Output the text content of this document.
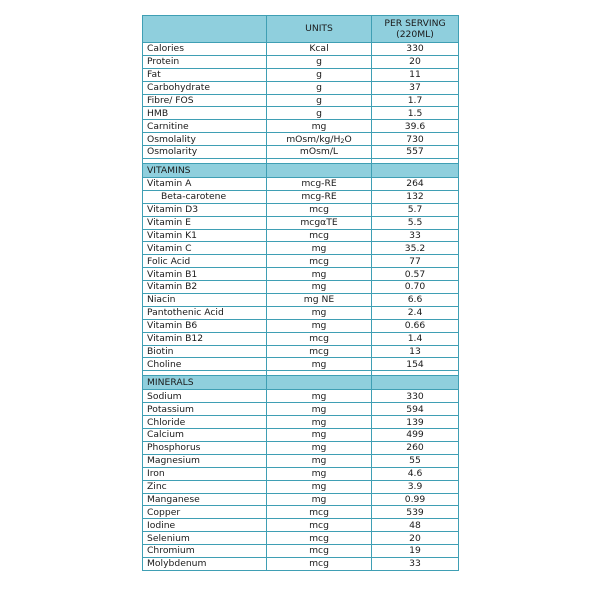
	UNITS	PER SERVING
(220ML)
Calories	Kcal	330
Protein	g	20
Fat	g	11
Carbohydrate	g	37
Fibre/ FOS	g	1.7
HMB	g	1.5
Carnitine	mg	39.6
Osmolality	mOsm/$kg/H_2O$	730
Osmolarity	mOsm/L	557

VITAMINS		
Vitamin A	mcg-RE	264
Beta-carotene	mcg-RE	132
Vitamin D3	mcg	5.7
Vitamin E	mcgαTE	5.5
Vitamin K1	mcg	33
Vitamin C	mg	35.2
Folic Acid	mcg	77
Vitamin B1	mg	0.57
Vitamin B2	mg	0.70
Niacin	mg NE	6.6
Pantothenic Acid	mg	2.4
Vitamin B6	mg	0.66
Vitamin B12	mcg	1.4
Biotin	mcg	13
Choline	mg	154

MINERALS		
Sodium	mg	330
Potassium	mg	594
Chloride	mg	139
Calcium	mg	499
Phosphorus	mg	260
Magnesium	mg	55
Iron	mg	4.6
Zinc	mg	3.9
Manganese	mg	0.99
Copper	mcg	539
Iodine	mcg	48
Selenium	mcg	20
Chromium	mcg	19
Molybdenum	mcg	33
